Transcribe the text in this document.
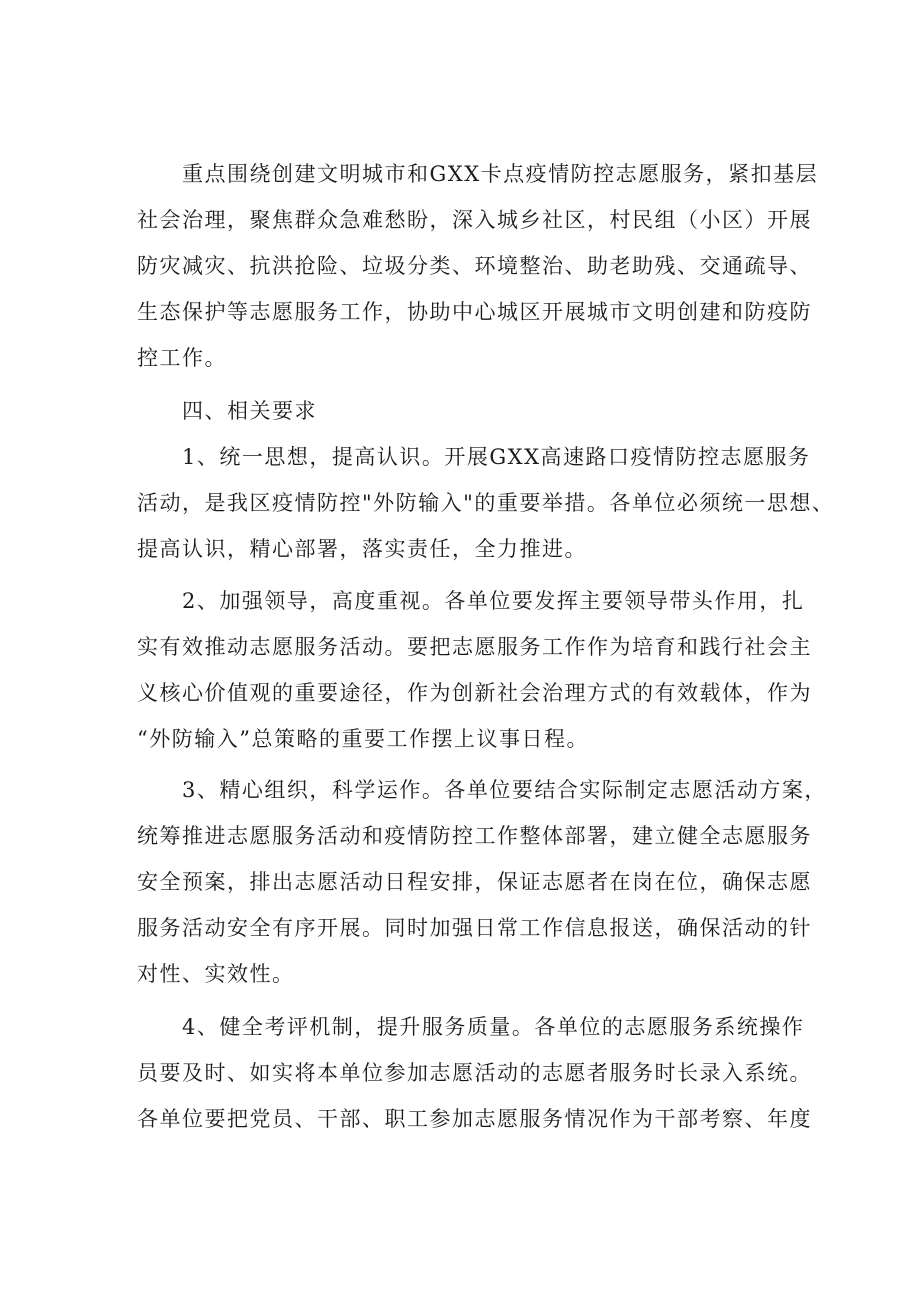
重点围绕创建文明城市和GXX卡点疫情防控志愿服务，紧扣基层
社会治理，聚焦群众急难愁盼，深入城乡社区，村民组（小区）开展
防灾减灾、抗洪抢险、垃圾分类、环境整治、助老助残、交通疏导、
生态保护等志愿服务工作，协助中心城区开展城市文明创建和防疫防
控工作。
四、相关要求
1、统一思想，提高认识。开展GXX高速路口疫情防控志愿服务
活动，是我区疫情防控"外防输入"的重要举措。各单位必须统一思想、
提高认识，精心部署，落实责任，全力推进。
2、加强领导，高度重视。各单位要发挥主要领导带头作用，扎
实有效推动志愿服务活动。要把志愿服务工作作为培育和践行社会主
义核心价值观的重要途径，作为创新社会治理方式的有效载体，作为
“外防输入”总策略的重要工作摆上议事日程。
3、精心组织，科学运作。各单位要结合实际制定志愿活动方案，
统筹推进志愿服务活动和疫情防控工作整体部署，建立健全志愿服务
安全预案，排出志愿活动日程安排，保证志愿者在岗在位，确保志愿
服务活动安全有序开展。同时加强日常工作信息报送，确保活动的针
对性、实效性。
4、健全考评机制，提升服务质量。各单位的志愿服务系统操作
员要及时、如实将本单位参加志愿活动的志愿者服务时长录入系统。
各单位要把党员、干部、职工参加志愿服务情况作为干部考察、年度
